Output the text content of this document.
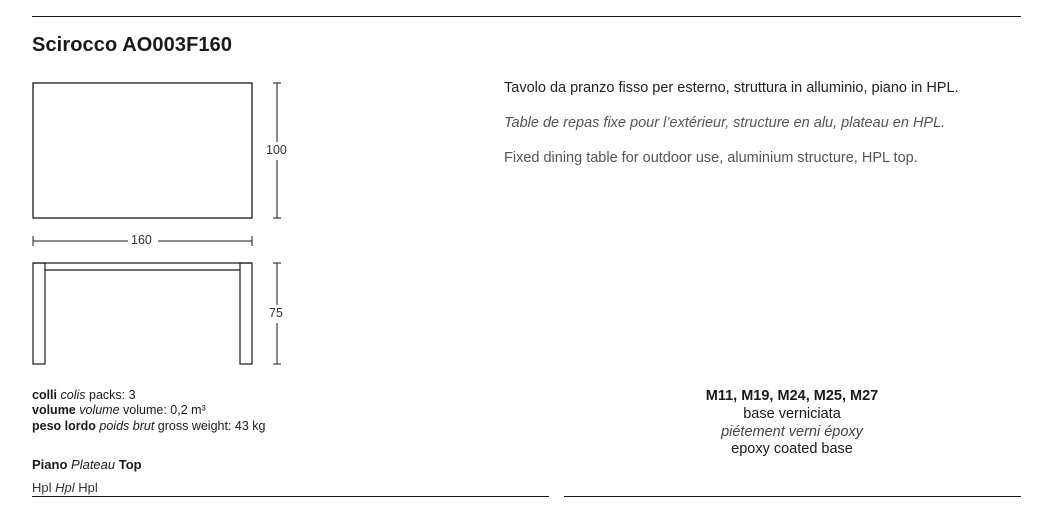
Scirocco AO003F160
Tavolo da pranzo fisso per esterno, struttura in alluminio, piano in HPL.
Table de repas fixe pour l’extérieur, structure en alu, plateau en HPL.
Fixed dining table for outdoor use, aluminium structure, HPL top.
100
160
75
colli colis packs: 3
volume volume volume: 0,2 m³
peso lordo poids brut gross weight: 43 kg
Piano Plateau Top
Hpl Hpl Hpl
M11, M19, M24, M25, M27
base verniciata
piétement verni époxy
epoxy coated base
